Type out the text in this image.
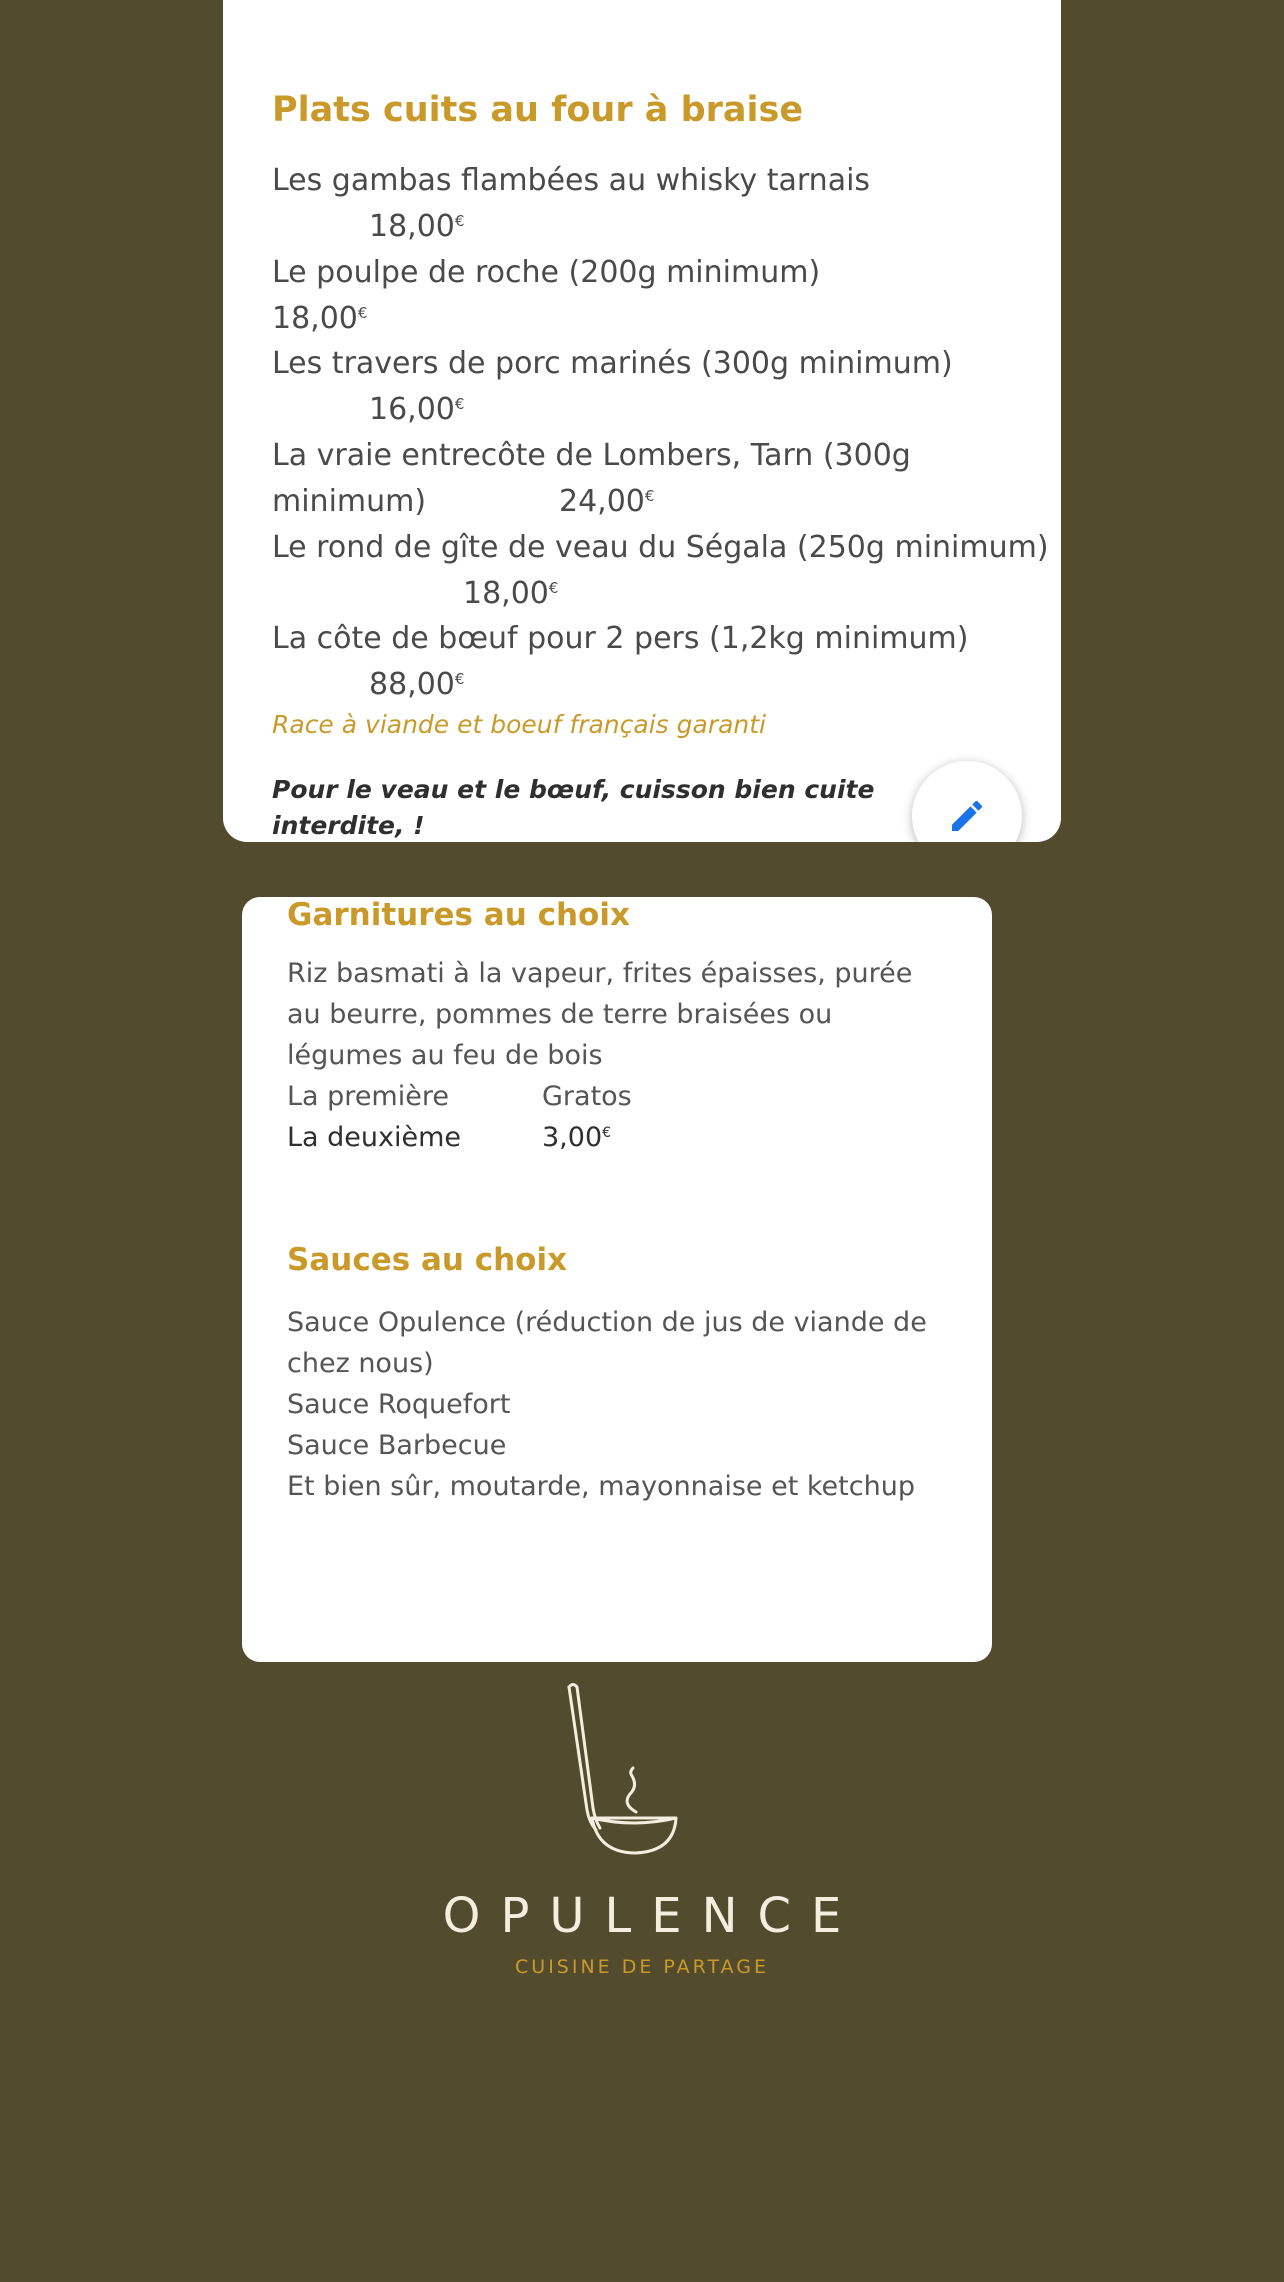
Plats cuits au four à braise

Les gambas flambées au whisky tarnais

18,00€

Le poulpe de roche (200g minimum)

18,00€

Les travers de porc marinés (300g minimum)

16,00€

La vraie entrecôte de Lombers, Tarn (300g minimum)	24,00€

Le rond de gîte de veau du Ségala (250g minimum)

18,00€

La côte de bœuf pour 2 pers (1,2kg minimum)

88,00€

Race à viande et boeuf français garanti

Pour le veau et le bœuf, cuisson bien cuite interdite, !

Garnitures au choix

Riz basmati à la vapeur, frites épaisses, purée au beurre, pommes de terre braisées ou légumes au feu de bois

La première	Gratos
La deuxième	3,00€
Sauces au choix

Sauce Opulence (réduction de jus de viande de chez nous)

Sauce Roquefort

Sauce Barbecue

Et bien sûr, moutarde, mayonnaise et ketchup

OPULENCE
CUISINE DE PARTAGE
